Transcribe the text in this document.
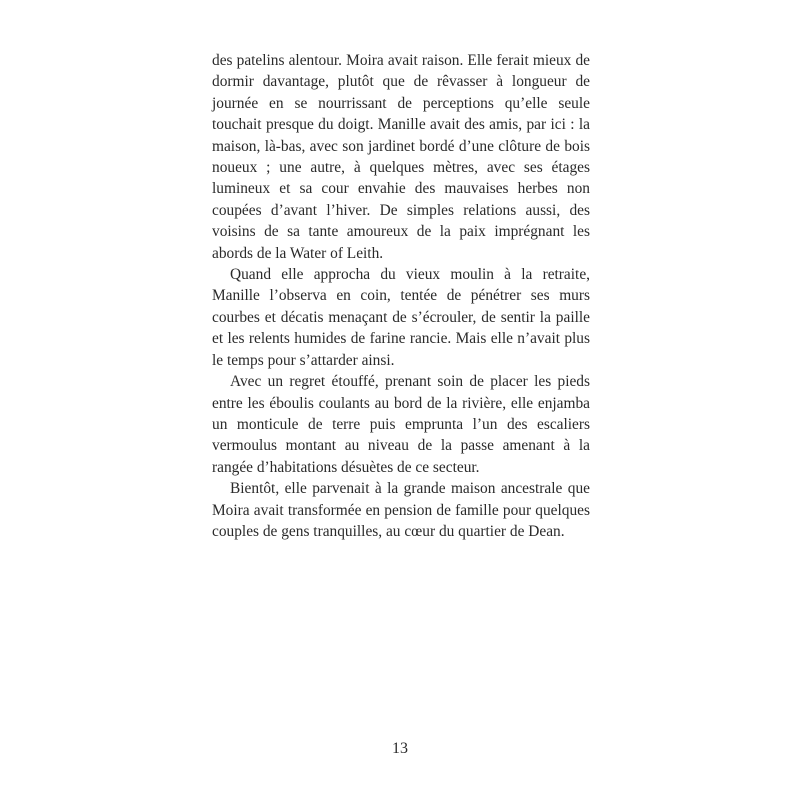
des patelins alentour. Moira avait raison. Elle ferait mieux de dormir davantage, plutôt que de rêvasser à longueur de journée en se nourrissant de perceptions qu’elle seule touchait presque du doigt. Manille avait des amis, par ici : la maison, là-bas, avec son jardinet bordé d’une clôture de bois noueux ; une autre, à quelques mètres, avec ses étages lumineux et sa cour envahie des mauvaises herbes non coupées d’avant l’hiver. De simples relations aussi, des voisins de sa tante amoureux de la paix imprégnant les abords de la Water of Leith.

Quand elle approcha du vieux moulin à la retraite, Manille l’observa en coin, tentée de pénétrer ses murs courbes et décatis menaçant de s’écrouler, de sentir la paille et les relents humides de farine rancie. Mais elle n’avait plus le temps pour s’attarder ainsi.

Avec un regret étouffé, prenant soin de placer les pieds entre les éboulis coulants au bord de la rivière, elle enjamba un monticule de terre puis emprunta l’un des escaliers vermoulus montant au niveau de la passe amenant à la rangée d’habitations désuètes de ce secteur.

Bientôt, elle parvenait à la grande maison ancestrale que Moira avait transformée en pension de famille pour quelques couples de gens tranquilles, au cœur du quartier de Dean.

13
